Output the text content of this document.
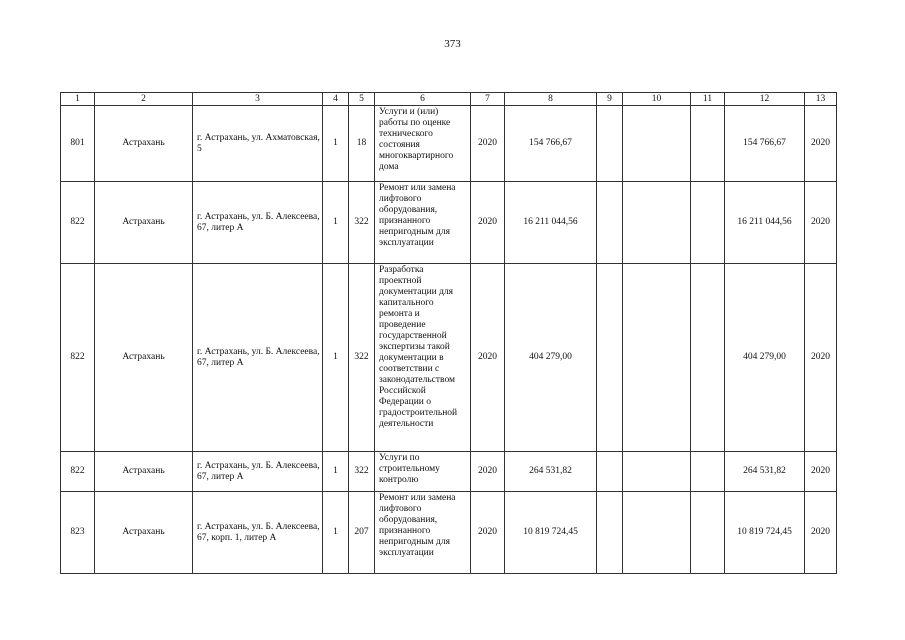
373
1	2	3	4	5	6	7	8	9	10	11	12	13
801	Астрахань	г. Астрахань, ул. Ахматовская, 5	1	18	Услуги и (или) работы по оценке технического состояния многоквартирного дома	2020	154 766,67				154 766,67	2020
822	Астрахань	г. Астрахань, ул. Б. Алексеева, 67, литер А	1	322	Ремонт или замена лифтового оборудования, признанного непригодным для эксплуатации	2020	16 211 044,56				16 211 044,56	2020
822	Астрахань	г. Астрахань, ул. Б. Алексеева, 67, литер А	1	322	Разработка проектной документации для капитального ремонта и проведение государственной экспертизы такой документации в соответствии с законодательством Российской Федерации о градостроительной деятельности	2020	404 279,00				404 279,00	2020
822	Астрахань	г. Астрахань, ул. Б. Алексеева, 67, литер А	1	322	Услуги по строительному контролю	2020	264 531,82				264 531,82	2020
823	Астрахань	г. Астрахань, ул. Б. Алексеева, 67, корп. 1, литер А	1	207	Ремонт или замена лифтового оборудования, признанного непригодным для эксплуатации	2020	10 819 724,45				10 819 724,45	2020
